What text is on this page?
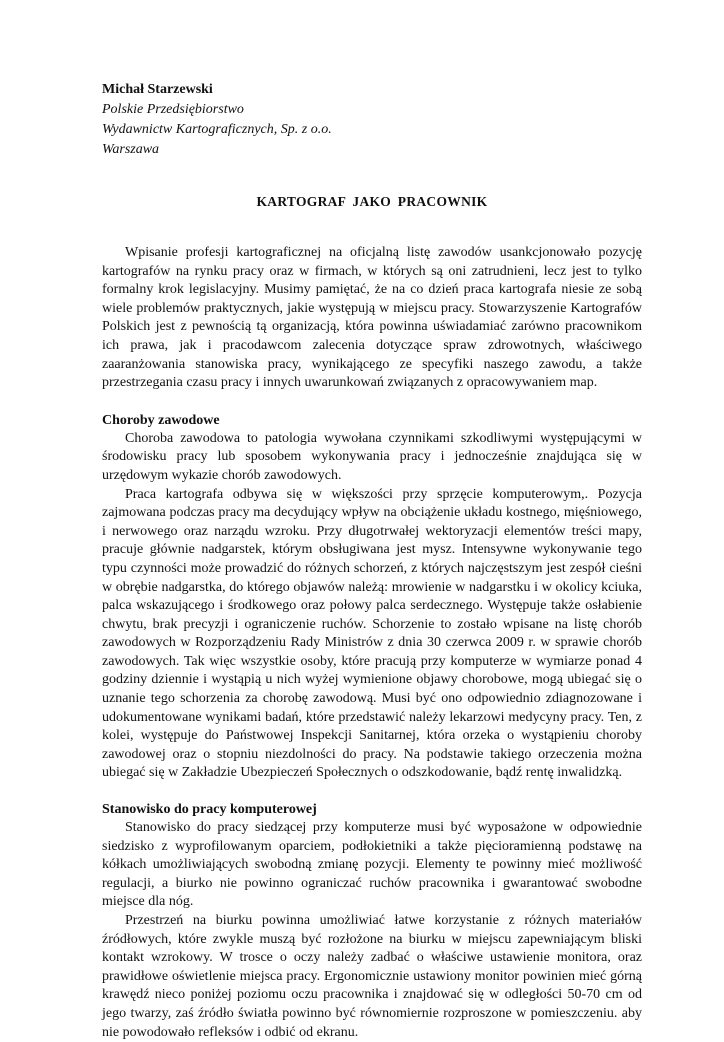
Michał Starzewski
Polskie Przedsiębiorstwo
Wydawnictw Kartograficznych, Sp. z o.o.
Warszawa
KARTOGRAF JAKO PRACOWNIK

Wpisanie profesji kartograficznej na oficjalną listę zawodów usankcjonowało pozycję kartografów na rynku pracy oraz w firmach, w których są oni zatrudnieni, lecz jest to tylko formalny krok legislacyjny. Musimy pamiętać, że na co dzień praca kartografa niesie ze sobą wiele problemów praktycznych, jakie występują w miejscu pracy. Stowarzyszenie Kartografów Polskich jest z pewnością tą organizacją, która powinna uświadamiać zarówno pracownikom ich prawa, jak i pracodawcom zalecenia dotyczące spraw zdrowotnych, właściwego zaaranżowania stanowiska pracy, wynikającego ze specyfiki naszego zawodu, a także przestrzegania czasu pracy i innych uwarunkowań związanych z opracowywaniem map.

Choroby zawodowe

Choroba zawodowa to patologia wywołana czynnikami szkodliwymi występującymi w środowisku pracy lub sposobem wykonywania pracy i jednocześnie znajdująca się w urzędowym wykazie chorób zawodowych.

Praca kartografa odbywa się w większości przy sprzęcie komputerowym,. Pozycja zajmowana podczas pracy ma decydujący wpływ na obciążenie układu kostnego, mięśniowego, i nerwowego oraz narządu wzroku. Przy długotrwałej wektoryzacji elementów treści mapy, pracuje głównie nadgarstek, którym obsługiwana jest mysz. Intensywne wykonywanie tego typu czynności może prowadzić do różnych schorzeń, z których najczęstszym jest zespół cieśni w obrębie nadgarstka, do którego objawów należą: mrowienie w nadgarstku i w okolicy kciuka, palca wskazującego i środkowego oraz połowy palca serdecznego. Występuje także osłabienie chwytu, brak precyzji i ograniczenie ruchów. Schorzenie to zostało wpisane na listę chorób zawodowych w Rozporządzeniu Rady Ministrów z dnia 30 czerwca 2009 r. w sprawie chorób zawodowych. Tak więc wszystkie osoby, które pracują przy komputerze w wymiarze ponad 4 godziny dziennie i wystąpią u nich wyżej wymienione objawy chorobowe, mogą ubiegać się o uznanie tego schorzenia za chorobę zawodową. Musi być ono odpowiednio zdiagnozowane i udokumentowane wynikami badań, które przedstawić należy lekarzowi medycyny pracy. Ten, z kolei, występuje do Państwowej Inspekcji Sanitarnej, która orzeka o wystąpieniu choroby zawodowej oraz o stopniu niezdolności do pracy. Na podstawie takiego orzeczenia można ubiegać się w Zakładzie Ubezpieczeń Społecznych o odszkodowanie, bądź rentę inwalidzką.

Stanowisko do pracy komputerowej

Stanowisko do pracy siedzącej przy komputerze musi być wyposażone w odpowiednie siedzisko z wyprofilowanym oparciem, podłokietniki a także pięcioramienną podstawę na kółkach umożliwiających swobodną zmianę pozycji. Elementy te powinny mieć możliwość regulacji, a biurko nie powinno ograniczać ruchów pracownika i gwarantować swobodne miejsce dla nóg.

Przestrzeń na biurku powinna umożliwiać łatwe korzystanie z różnych materiałów źródłowych, które zwykle muszą być rozłożone na biurku w miejscu zapewniającym bliski kontakt wzrokowy. W trosce o oczy należy zadbać o właściwe ustawienie monitora, oraz prawidłowe oświetlenie miejsca pracy. Ergonomicznie ustawiony monitor powinien mieć górną krawędź nieco poniżej poziomu oczu pracownika i znajdować się w odległości 50-70 cm od jego twarzy, zaś źródło światła powinno być równomiernie rozproszone w pomieszczeniu. aby nie powodowało refleksów i odbić od ekranu.
